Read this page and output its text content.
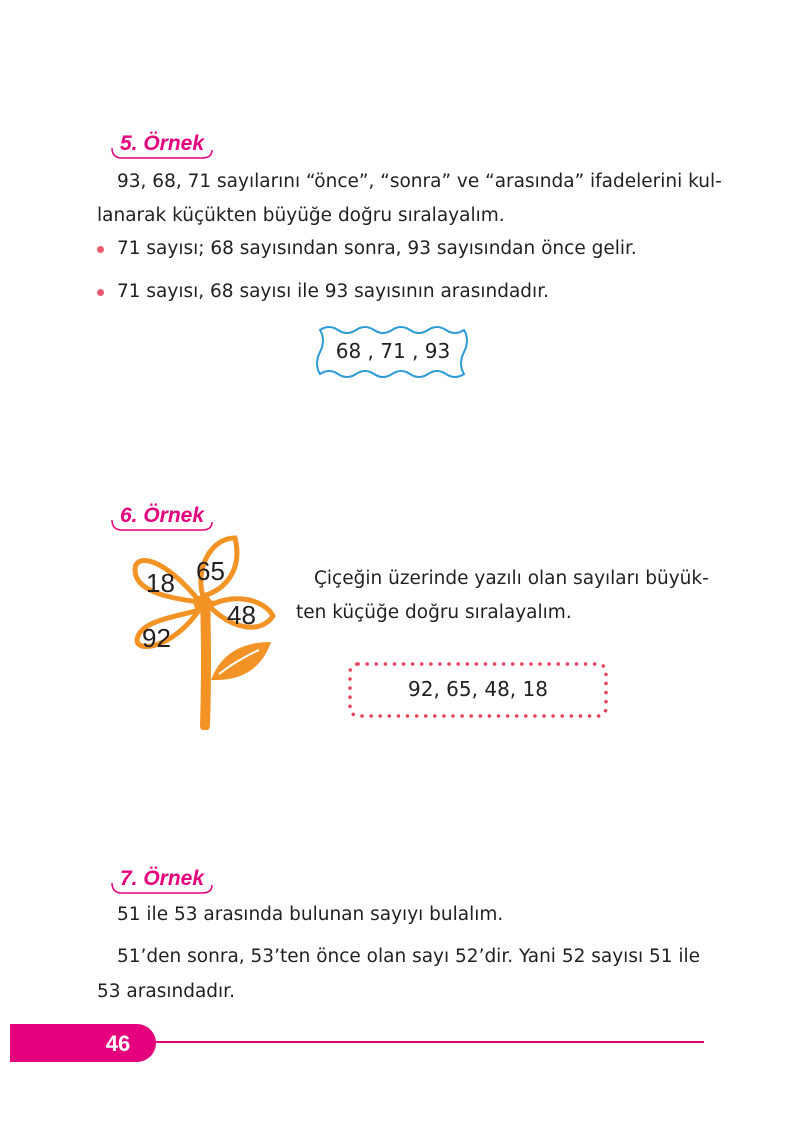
5. Örnek
93, 68, 71 sayılarını “önce”, “sonra” ve “arasında” ifadelerini kul-
lanarak küçükten büyüğe doğru sıralayalım.
71 sayısı; 68 sayısından sonra, 93 sayısından önce gelir.
71 sayısı, 68 sayısı ile 93 sayısının arasındadır.
68 , 71 , 93
6. Örnek
18 65
48
92
Çiçeğin üzerinde yazılı olan sayıları büyük-
ten küçüğe doğru sıralayalım.
92, 65, 48, 18
7. Örnek
51 ile 53 arasında bulunan sayıyı bulalım.
51’den sonra, 53’ten önce olan sayı 52’dir. Yani 52 sayısı 51 ile
53 arasındadır.
46
